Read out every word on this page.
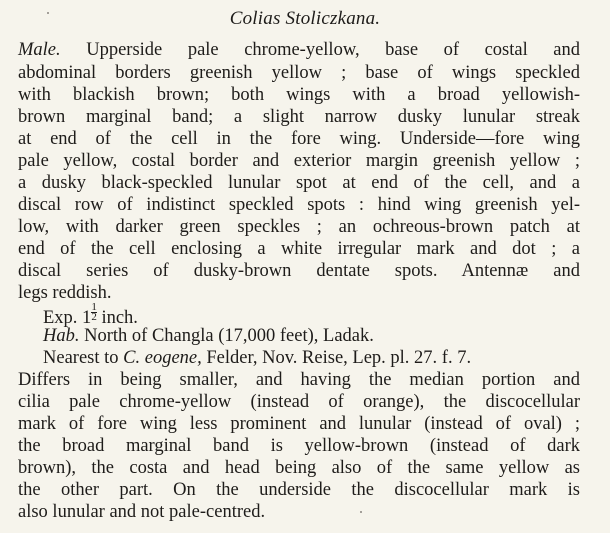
Colias Stoliczkana.
Male. Upperside pale chrome-yellow, base of costal and
abdominal borders greenish yellow ; base of wings speckled
with blackish brown; both wings with a broad yellowish-
brown marginal band; a slight narrow dusky lunular streak
at end of the cell in the fore wing. Underside—fore wing
pale yellow, costal border and exterior margin greenish yellow ;
a dusky black-speckled lunular spot at end of the cell, and a
discal row of indistinct speckled spots : hind wing greenish yel-
low, with darker green speckles ; an ochreous-brown patch at
end of the cell enclosing a white irregular mark and dot ; a
discal series of dusky-brown dentate spots. Antennæ and
legs reddish.
Exp. $1 \frac{1}{2}$ inch.
Hab. North of Changla (17,000 feet), Ladak.
Nearest to C. eogene, Felder, Nov. Reise, Lep. pl. 27. f. 7.
Differs in being smaller, and having the median portion and
cilia pale chrome-yellow (instead of orange), the discocellular
mark of fore wing less prominent and lunular (instead of oval) ;
the broad marginal band is yellow-brown (instead of dark
brown), the costa and head being also of the same yellow as
the other part. On the underside the discocellular mark is
also lunular and not pale-centred.
